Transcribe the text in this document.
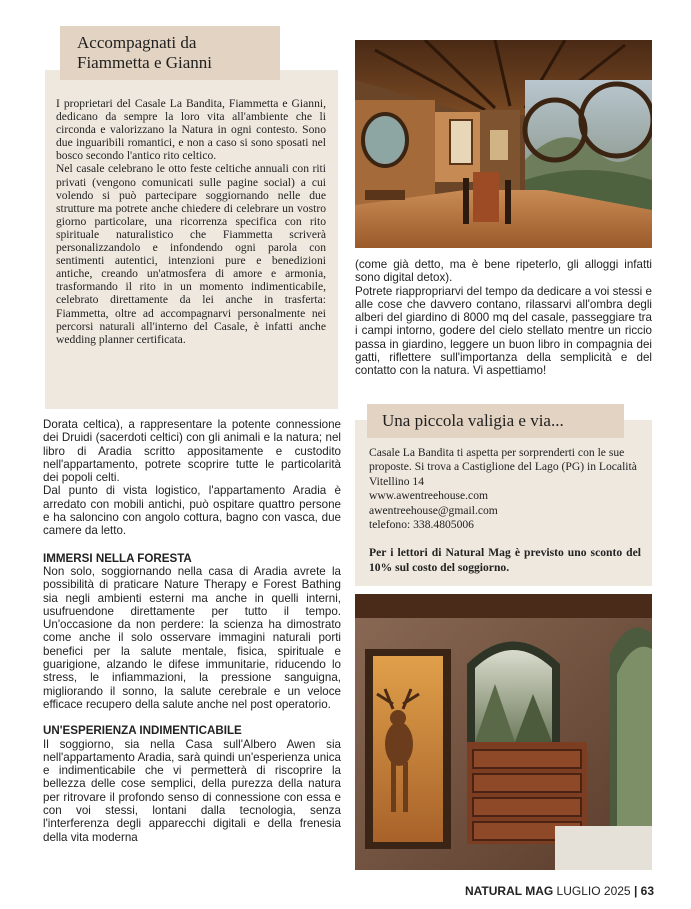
Accompagnati da
Fiammetta e Gianni

I proprietari del Casale La Bandita, Fiammetta e Gianni, dedicano da sempre la loro vita all'ambiente che li circonda e valorizzano la Natura in ogni contesto. Sono due inguaribili romantici, e non a caso si sono sposati nel bosco secondo l'antico rito celtico.

Nel casale celebrano le otto feste celtiche annuali con riti privati (vengono comunicati sulle pagine social) a cui volendo si può partecipare soggiornando nelle due strutture ma potrete anche chiedere di celebrare un vostro giorno particolare, una ricorrenza specifica con rito spirituale naturalistico che Fiammetta scriverà personalizzandolo e infondendo ogni parola con sentimenti autentici, intenzioni pure e benedizioni antiche, creando un'atmosfera di amore e armonia, trasformando il rito in un momento indimenticabile, celebrato direttamente da lei anche in trasferta: Fiammetta, oltre ad accompagnarvi personalmente nei percorsi naturali all'interno del Casale, è infatti anche wedding planner certificata.

Dorata celtica), a rappresentare la potente connessione dei Druidi (sacerdoti celtici) con gli animali e la natura; nel libro di Aradia scritto appositamente e custodito nell'appartamento, potrete scoprire tutte le particolarità dei popoli celti.

Dal punto di vista logistico, l'appartamento Aradia è arredato con mobili antichi, può ospitare quattro persone e ha saloncino con angolo cottura, bagno con vasca, due camere da letto.

IMMERSI NELLA FORESTA

Non solo, soggiornando nella casa di Aradia avrete la possibilità di praticare Nature Therapy e Forest Bathing sia negli ambienti esterni ma anche in quelli interni, usufruendone direttamente per tutto il tempo. Un'occasione da non perdere: la scienza ha dimostrato come anche il solo osservare immagini naturali porti benefici per la salute mentale, fisica, spirituale e guarigione, alzando le difese immunitarie, riducendo lo stress, le infiammazioni, la pressione sanguigna, migliorando il sonno, la salute cerebrale e un veloce efficace recupero della salute anche nel post operatorio.

UN'ESPERIENZA INDIMENTICABILE

Il soggiorno, sia nella Casa sull'Albero Awen sia nell'appartamento Aradia, sarà quindi un'esperienza unica e indimenticabile che vi permetterà di riscoprire la bellezza delle cose semplici, della purezza della natura per ritrovare il profondo senso di connessione con essa e con voi stessi, lontani dalla tecnologia, senza l'interferenza degli apparecchi digitali e della frenesia della vita moderna

(come già detto, ma è bene ripeterlo, gli alloggi infatti sono digital detox).

Potrete riappropriarvi del tempo da dedicare a voi stessi e alle cose che davvero contano, rilassarvi all'ombra degli alberi del giardino di 8000 mq del casale, passeggiare tra i campi intorno, godere del cielo stellato mentre un riccio passa in giardino, leggere un buon libro in compagnia dei gatti, riflettere sull'importanza della semplicità e del contatto con la natura. Vi aspettiamo!

Una piccola valigia e via...

Casale La Bandita ti aspetta per sorprenderti con le sue proposte. Si trova a Castiglione del Lago (PG) in Località Vitellino 14

www.awentreehouse.com

awentreehouse@gmail.com

telefono: 338.4805006

Per i lettori di Natural Mag è previsto uno sconto del 10% sul costo del soggiorno.

NATURAL MAG LUGLIO 2025 | 63
